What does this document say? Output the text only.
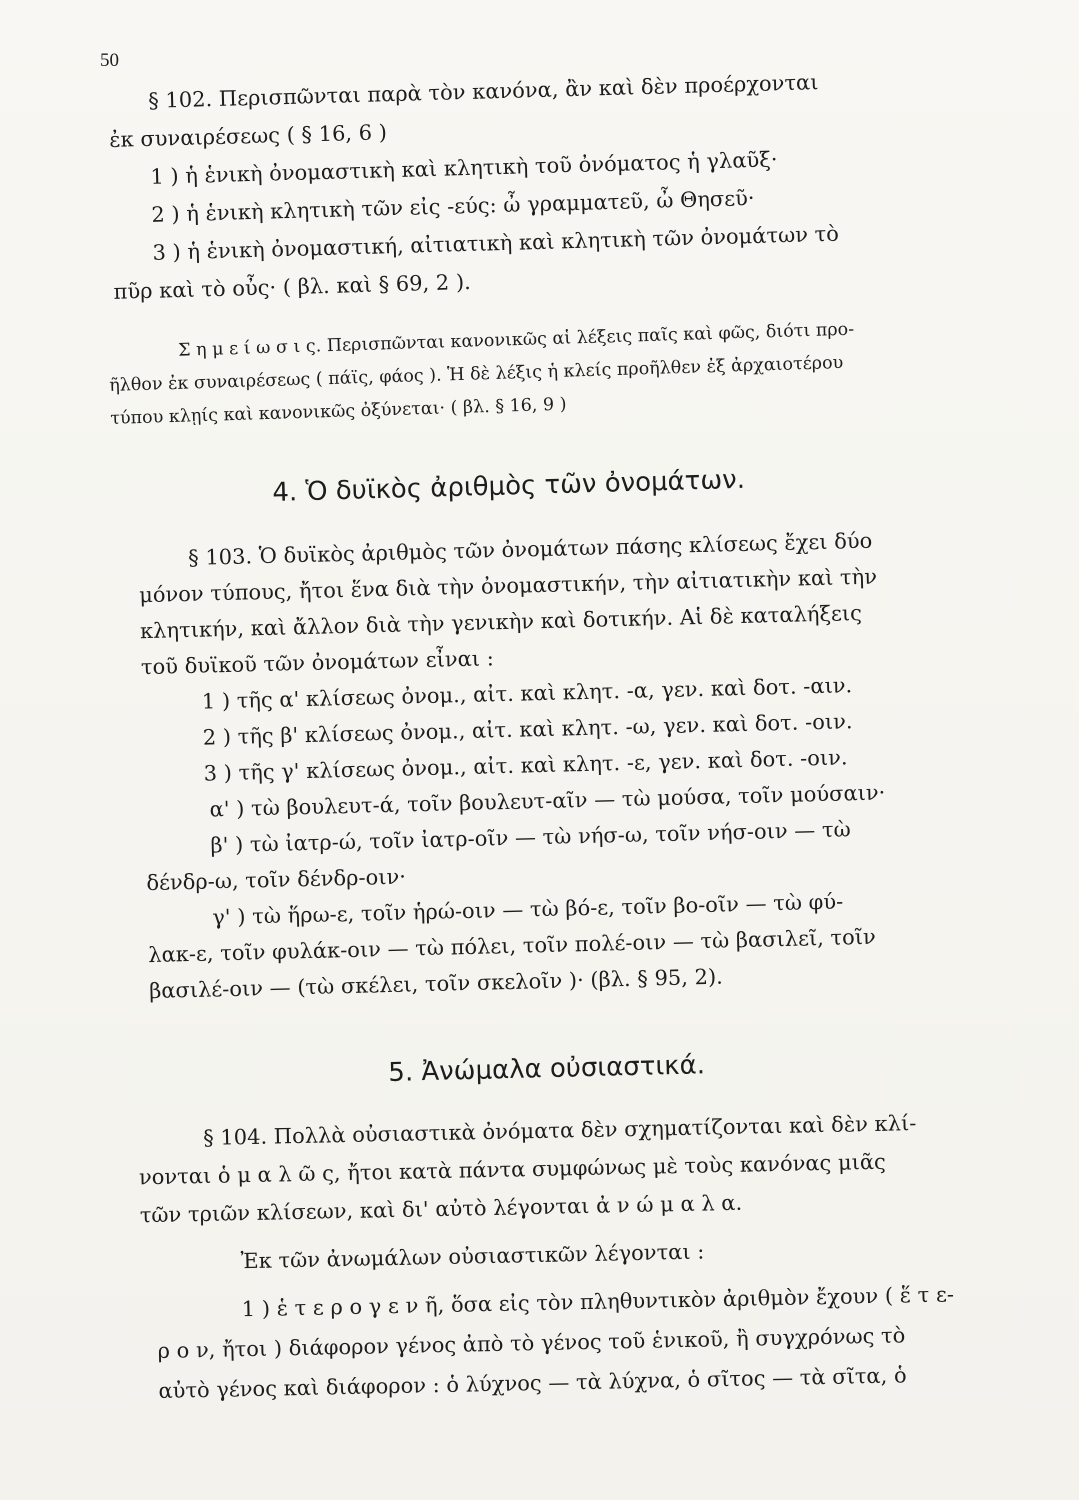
50
§ 102. Περισπῶνται παρὰ τὸν κανόνα, ἂν καὶ δὲν προέρχονται
ἐκ συναιρέσεως ( § 16, 6 )
1 ) ἡ ἑνικὴ ὀνομαστικὴ καὶ κλητικὴ τοῦ ὀνόματος ἡ γλαῦξ·
2 ) ἡ ἑνικὴ κλητικὴ τῶν εἰς -εύς: ὦ γραμματεῦ, ὦ Θησεῦ·
3 ) ἡ ἑνικὴ ὀνομαστική, αἰτιατικὴ καὶ κλητικὴ τῶν ὀνομάτων τὸ
πῦρ καὶ τὸ οὖς· ( βλ. καὶ § 69, 2 ).
Σ η μ ε ί ω σ ι ς. Περισπῶνται κανονικῶς αἱ λέξεις παῖς καὶ φῶς, διότι προ-
ῆλθον ἐκ συναιρέσεως ( πάϊς, φάος ). Ἡ δὲ λέξις ἡ κλείς προῆλθεν ἐξ ἀρχαιοτέρου
τύπου κλῃίς καὶ κανονικῶς ὀξύνεται· ( βλ. § 16, 9 )
4. Ὁ δυϊκὸς ἀριθμὸς τῶν ὀνομάτων.
§ 103. Ὁ δυϊκὸς ἀριθμὸς τῶν ὀνομάτων πάσης κλίσεως ἔχει δύο
μόνον τύπους, ἤτοι ἕνα διὰ τὴν ὀνομαστικήν, τὴν αἰτιατικὴν καὶ τὴν
κλητικήν, καὶ ἄλλον διὰ τὴν γενικὴν καὶ δοτικήν. Αἱ δὲ καταλήξεις
τοῦ δυϊκοῦ τῶν ὀνομάτων εἶναι :
1 ) τῆς α' κλίσεως ὀνομ., αἰτ. καὶ κλητ. -α, γεν. καὶ δοτ. -αιν.
2 ) τῆς β' κλίσεως ὀνομ., αἰτ. καὶ κλητ. -ω, γεν. καὶ δοτ. -οιν.
3 ) τῆς γ' κλίσεως ὀνομ., αἰτ. καὶ κλητ. -ε, γεν. καὶ δοτ. -οιν.
α' ) τὼ βουλευτ-ά, τοῖν βουλευτ-αῖν — τὼ μούσα, τοῖν μούσαιν·
β' ) τὼ ἰατρ-ώ, τοῖν ἰατρ-οῖν — τὼ νήσ-ω, τοῖν νήσ-οιν — τὼ
δένδρ-ω, τοῖν δένδρ-οιν·
γ' ) τὼ ἥρω-ε, τοῖν ἡρώ-οιν — τὼ βό-ε, τοῖν βο-οῖν — τὼ φύ-
λακ-ε, τοῖν φυλάκ-οιν — τὼ πόλει, τοῖν πολέ-οιν — τὼ βασιλεῖ, τοῖν
βασιλέ-οιν — (τὼ σκέλει, τοῖν σκελοῖν )· (βλ. § 95, 2).
5. Ἀνώμαλα οὐσιαστικά.
§ 104. Πολλὰ οὐσιαστικὰ ὀνόματα δὲν σχηματίζονται καὶ δὲν κλί-
νονται ὁ μ α λ ῶ ς, ἤτοι κατὰ πάντα συμφώνως μὲ τοὺς κανόνας μιᾶς
τῶν τριῶν κλίσεων, καὶ δι' αὐτὸ λέγονται ἀ ν ώ μ α λ α.
Ἐκ τῶν ἀνωμάλων οὐσιαστικῶν λέγονται :
1 ) ἑ τ ε ρ ο γ ε ν ῆ, ὅσα εἰς τὸν πληθυντικὸν ἀριθμὸν ἔχουν ( ἕ τ ε-
ρ ο ν, ἤτοι ) διάφορον γένος ἀπὸ τὸ γένος τοῦ ἑνικοῦ, ἢ συγχρόνως τὸ
αὐτὸ γένος καὶ διάφορον : ὁ λύχνος — τὰ λύχνα, ὁ σῖτος — τὰ σῖτα, ὁ
